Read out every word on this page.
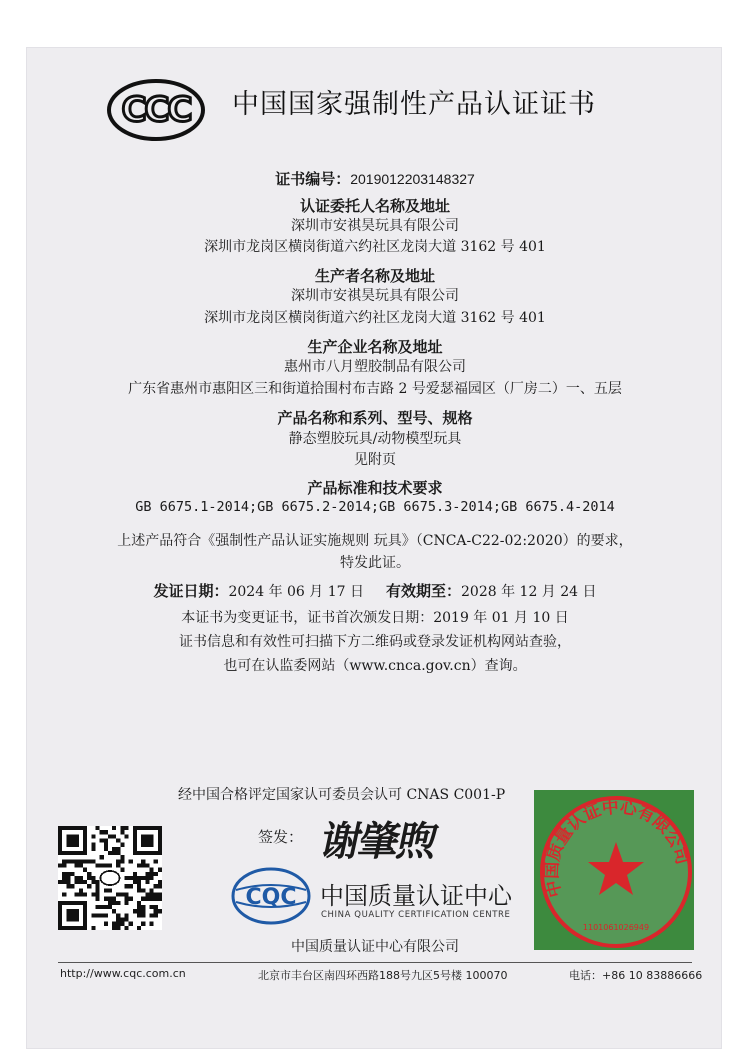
CCC 中国国家强制性产品认证证书
证书编号：2019012203148327
认证委托人名称及地址
深圳市安祺昊玩具有限公司
深圳市龙岗区横岗街道六约社区龙岗大道 3162 号 401
生产者名称及地址
深圳市安祺昊玩具有限公司
深圳市龙岗区横岗街道六约社区龙岗大道 3162 号 401
生产企业名称及地址
惠州市八月塑胶制品有限公司
广东省惠州市惠阳区三和街道拾围村布吉路 2 号爱瑟福园区（厂房二）一、五层
产品名称和系列、型号、规格
静态塑胶玩具/动物模型玩具
见附页
产品标准和技术要求
GB 6675.1-2014;GB 6675.2-2014;GB 6675.3-2014;GB 6675.4-2014
上述产品符合《强制性产品认证实施规则 玩具》（CNCA-C22-02:2020）的要求，
特发此证。
发证日期：2024 年 06 月 17 日 有效期至：2028 年 12 月 24 日
本证书为变更证书，证书首次颁发日期：2019 年 01 月 10 日
证书信息和有效性可扫描下方二维码或登录发证机构网站查验，
也可在认监委网站（www.cnca.gov.cn）查询。
经中国合格评定国家认可委员会认可 CNAS C001-P
中国质量认证中心有限公司
1101061026949
签发： 谢肇煦
CQC 中国质量认证中心
CHINA QUALITY CERTIFICATION CENTRE
中国质量认证中心有限公司
http://www.cqc.com.cn	北京市丰台区南四环西路188号九区5号楼 100070	电话：+86 10 83886666
